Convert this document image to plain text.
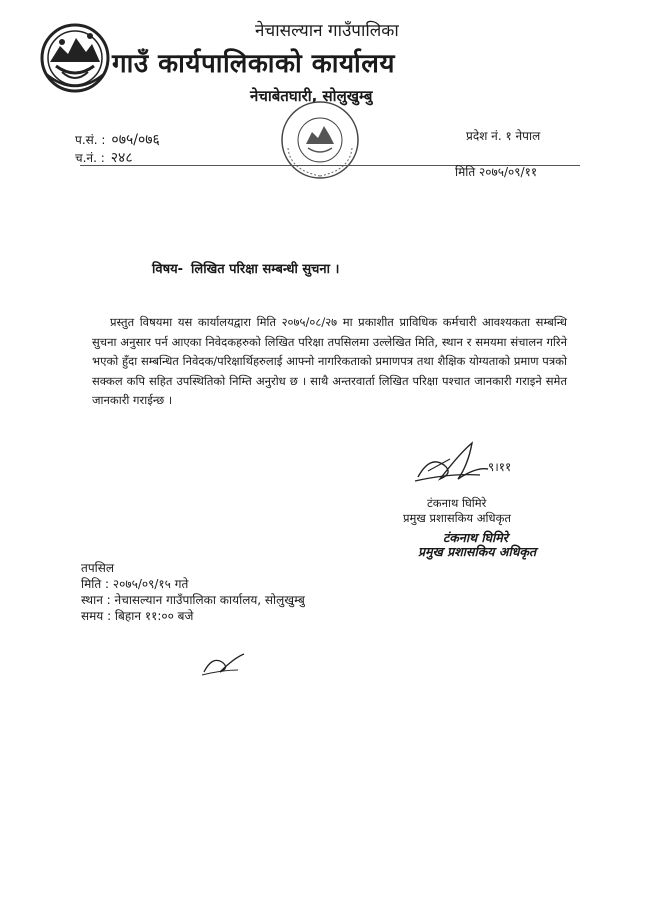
नेचासल्यान गाउँपालिका
गाउँ कार्यपालिकाको कार्यालय
नेचाबेतघारी, सोलुखुम्बु
प.सं. : ०७५/०७६
च.नं. : २४८
प्रदेश नं. १ नेपाल
मिति २०७५/०९/११
विषय- लिखित परिक्षा सम्बन्धी सुचना ।
प्रस्तुत विषयमा यस कार्यालयद्वारा मिति २०७५/०८/२७ मा प्रकाशीत प्राविधिक कर्मचारी आवश्यकता सम्बन्धि सुचना अनुसार पर्न आएका निवेदकहरुको लिखित परिक्षा तपसिलमा उल्लेखित मिति, स्थान र समयमा संचालन गरिने भएको हुँदा सम्बन्धित निवेदक/परिक्षार्थिहरुलाई आफ्नो नागरिकताको प्रमाणपत्र तथा शैक्षिक योग्यताको प्रमाण पत्रको सक्कल कपि सहित उपस्थितिको निम्ति अनुरोध छ । साथै अन्तरवार्ता लिखित परिक्षा पश्चात जानकारी गराइने समेत जानकारी गराईन्छ ।
९।११
टंकनाथ घिमिरे
प्रमुख प्रशासकिय अधिकृत
टंकनाथ घिमिरे
प्रमुख प्रशासकिय अधिकृत
तपसिल
मिति : २०७५/०९/१५ गते
स्थान : नेचासल्यान गाउँपालिका कार्यालय, सोलुखुम्बु
समय : बिहान ११:०० बजे
